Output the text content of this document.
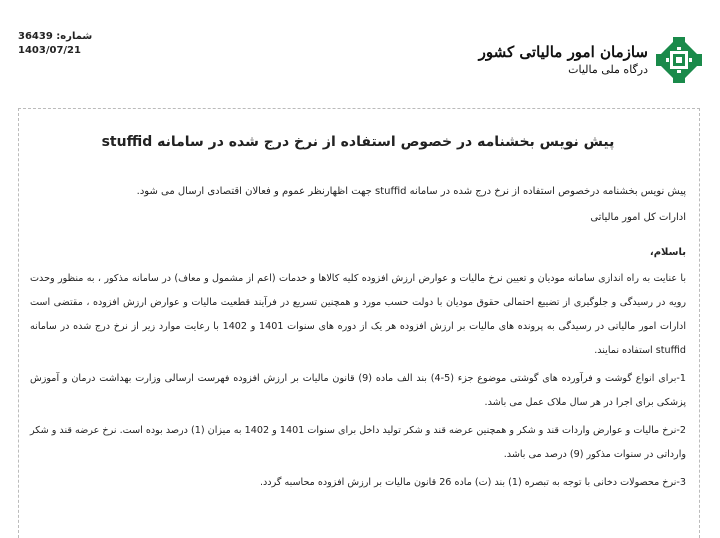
شماره: 36439
1403/07/21	سازمان امور مالیاتی کشور
درگاه ملی مالیات
پیش نویس بخشنامه در خصوص استفاده از نرخ درج شده در سامانه stuffid
پیش نویس بخشنامه درخصوص استفاده از نرخ درج شده در سامانه stuffid جهت اظهارنظر عموم و فعالان اقتصادی ارسال می شود.
ادارات کل امور مالیاتی
باسلام،
با عنایت به راه اندازی سامانه مودیان و تعیین نرخ مالیات و عوارض ارزش افزوده کلیه کالاها و خدمات (اعم از مشمول و معاف) در سامانه مذکور ، به منظور وحدت رویه در رسیدگی و جلوگیری از تضییع احتمالی حقوق مودیان با دولت حسب مورد و همچنین تسریع در فرآیند قطعیت مالیات و عوارض ارزش افزوده ، مقتضی است ادارات امور مالیاتی در رسیدگی به پرونده های مالیات بر ارزش افزوده هر یک از دوره های سنوات 1401 و 1402 با رعایت موارد زیر از نرخ درج شده در سامانه stuffid استفاده نمایند.
1-برای انواع گوشت و فرآورده های گوشتی موضوع جزء (5-4) بند الف ماده (9) قانون مالیات بر ارزش افزوده فهرست ارسالی وزارت بهداشت درمان و آموزش پزشکی برای اجرا در هر سال ملاک عمل می باشد.
2-نرخ مالیات و عوارض واردات قند و شکر و همچنین عرضه قند و شکر تولید داخل برای سنوات 1401 و 1402 به میزان (1) درصد بوده است. نرخ عرضه قند و شکر وارداتی در سنوات مذکور (9) درصد می باشد.
3-نرخ محصولات دخانی با توجه به تبصره (1) بند (ت) ماده 26 قانون مالیات بر ارزش افزوده محاسبه گردد.
